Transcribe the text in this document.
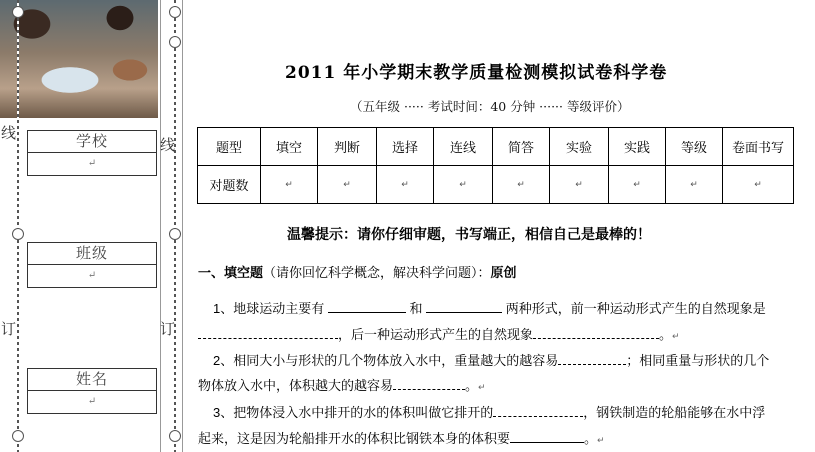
线
线
订	订
学校
↵
班级
↵
姓名
↵
2011 年小学期末教学质量检测模拟试卷科学卷
（五年级 ····· 考试时间：40 分钟 ······ 等级评价）
题型	填空	判断	选择	连线	简答	实验	实践	等级	卷面书写
对题数	↵	↵	↵	↵	↵	↵	↵	↵	↵
温馨提示：请你仔细审题，书写端正，相信自己是最棒的！
一、填空题（请你回忆科学概念，解决科学问题）：原创
1、地球运动主要有	和	两种形式，前一种运动形式产生的自然现象是
，后一种运动形式产生的自然现象	。↵
2、相同大小与形状的几个物体放入水中，重量越大的越容易	；相同重量与形状的几个
物体放入水中，体积越大的越容易	。↵
3、把物体浸入水中排开的水的体积叫做它排开的	，钢铁制造的轮船能够在水中浮
起来，这是因为轮船排开水的体积比钢铁本身的体积要	。↵
